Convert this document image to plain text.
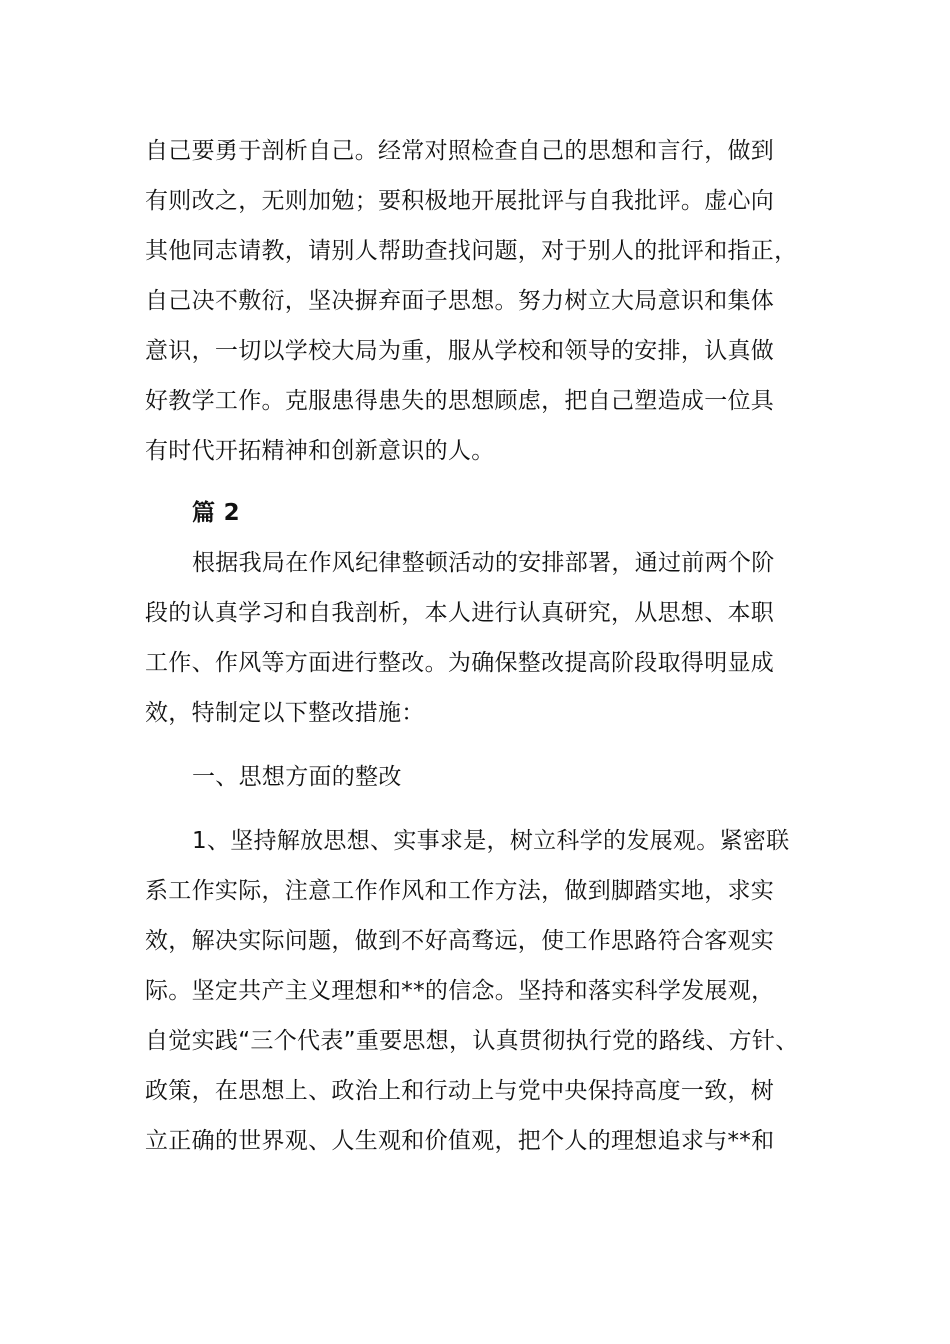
自己要勇于剖析自己。经常对照检查自己的思想和言行，做到
有则改之，无则加勉；要积极地开展批评与自我批评。虚心向
其他同志请教，请别人帮助查找问题，对于别人的批评和指正，
自己决不敷衍，坚决摒弃面子思想。努力树立大局意识和集体
意识，一切以学校大局为重，服从学校和领导的安排，认真做
好教学工作。克服患得患失的思想顾虑，把自己塑造成一位具
有时代开拓精神和创新意识的人。
篇 2
根据我局在作风纪律整顿活动的安排部署，通过前两个阶
段的认真学习和自我剖析，本人进行认真研究，从思想、本职
工作、作风等方面进行整改。为确保整改提高阶段取得明显成
效，特制定以下整改措施：
一、思想方面的整改
1、坚持解放思想、实事求是，树立科学的发展观。紧密联
系工作实际，注意工作作风和工作方法，做到脚踏实地，求实
效，解决实际问题，做到不好高骛远，使工作思路符合客观实
际。坚定共产主义理想和**的信念。坚持和落实科学发展观，
自觉实践“三个代表”重要思想，认真贯彻执行党的路线、方针、
政策，在思想上、政治上和行动上与党中央保持高度一致，树
立正确的世界观、人生观和价值观，把个人的理想追求与**和
